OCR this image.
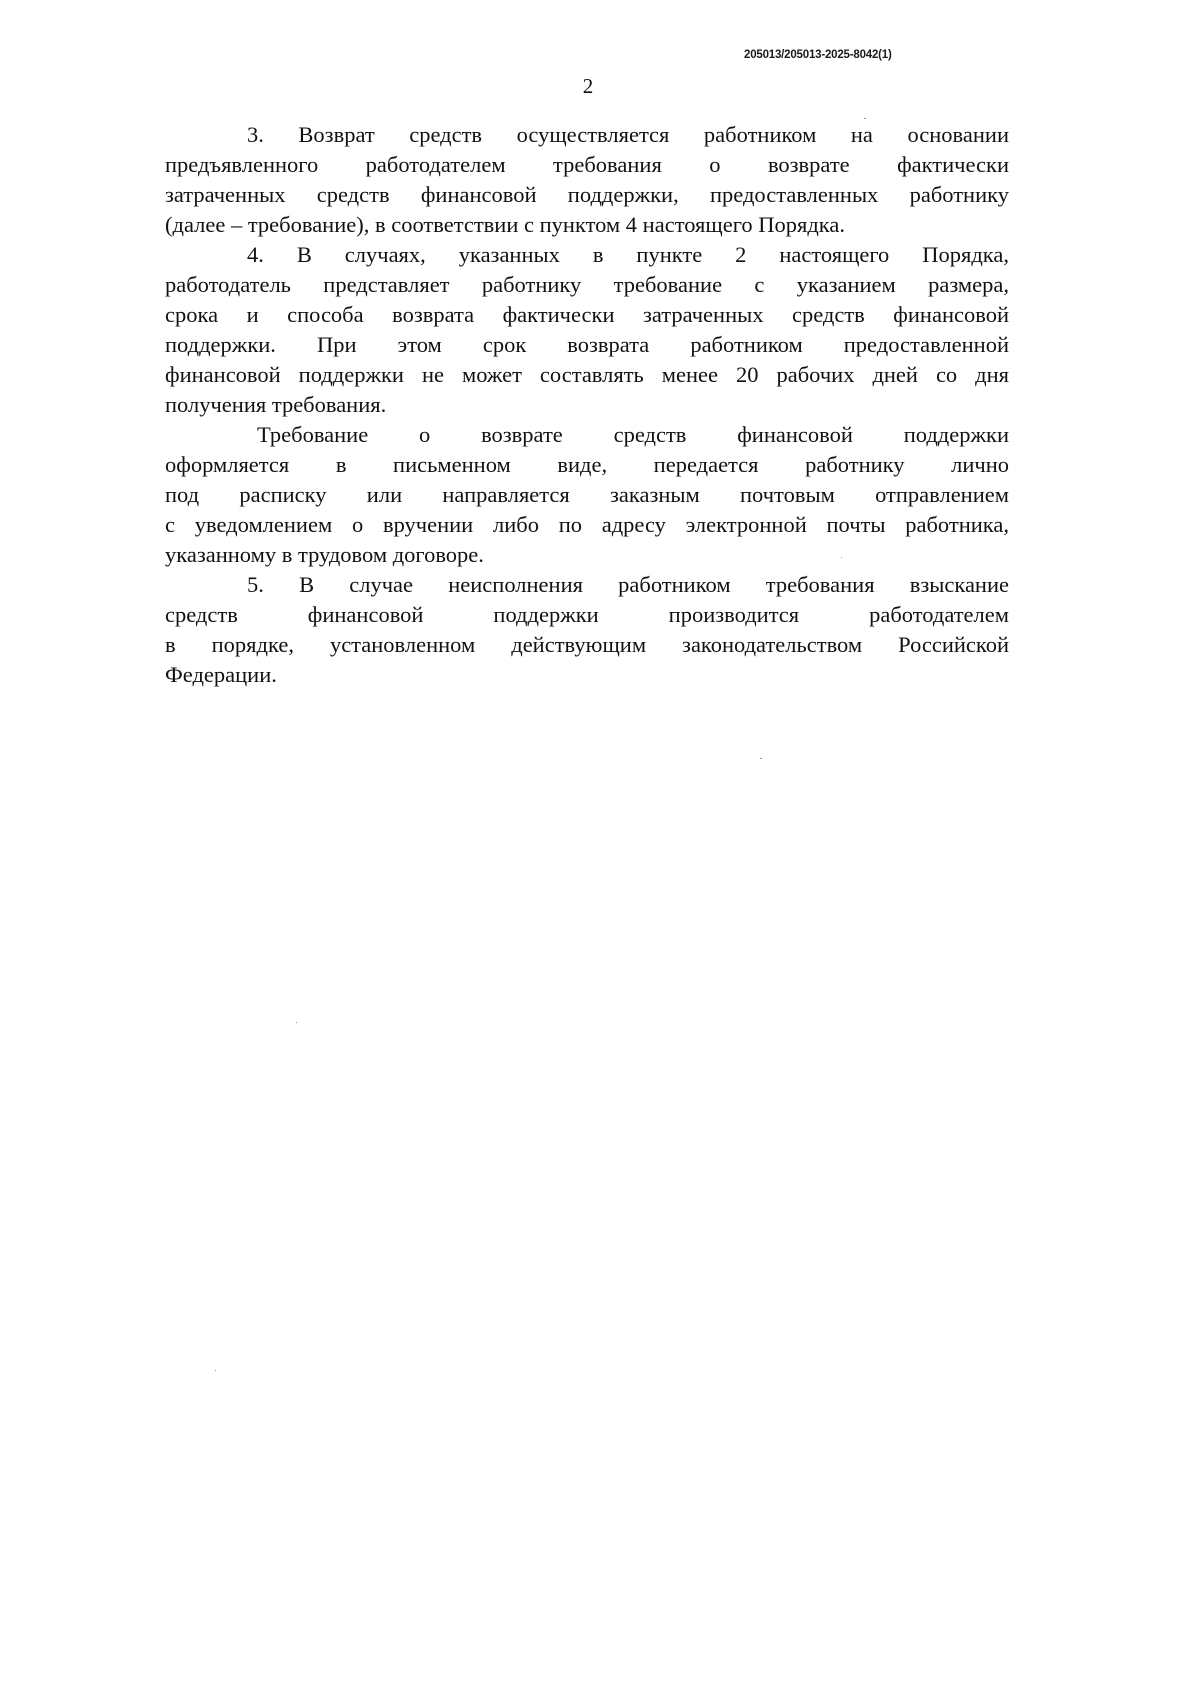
205013/205013-2025-8042(1)
2
3. Возврат средств осуществляется работником на основании
предъявленного работодателем требования о возврате фактически
затраченных средств финансовой поддержки, предоставленных работнику
(далее – требование), в соответствии с пунктом 4 настоящего Порядка.
4. В случаях, указанных в пункте 2 настоящего Порядка,
работодатель представляет работнику требование с указанием размера,
срока и способа возврата фактически затраченных средств финансовой
поддержки. При этом срок возврата работником предоставленной
финансовой поддержки не может составлять менее 20 рабочих дней со дня
получения требования.
Требование о возврате средств финансовой поддержки
оформляется в письменном виде, передается работнику лично
под расписку или направляется заказным почтовым отправлением
с уведомлением о вручении либо по адресу электронной почты работника,
указанному в трудовом договоре.
5. В случае неисполнения работником требования взыскание
средств финансовой поддержки производится работодателем
в порядке, установленном действующим законодательством Российской
Федерации.
